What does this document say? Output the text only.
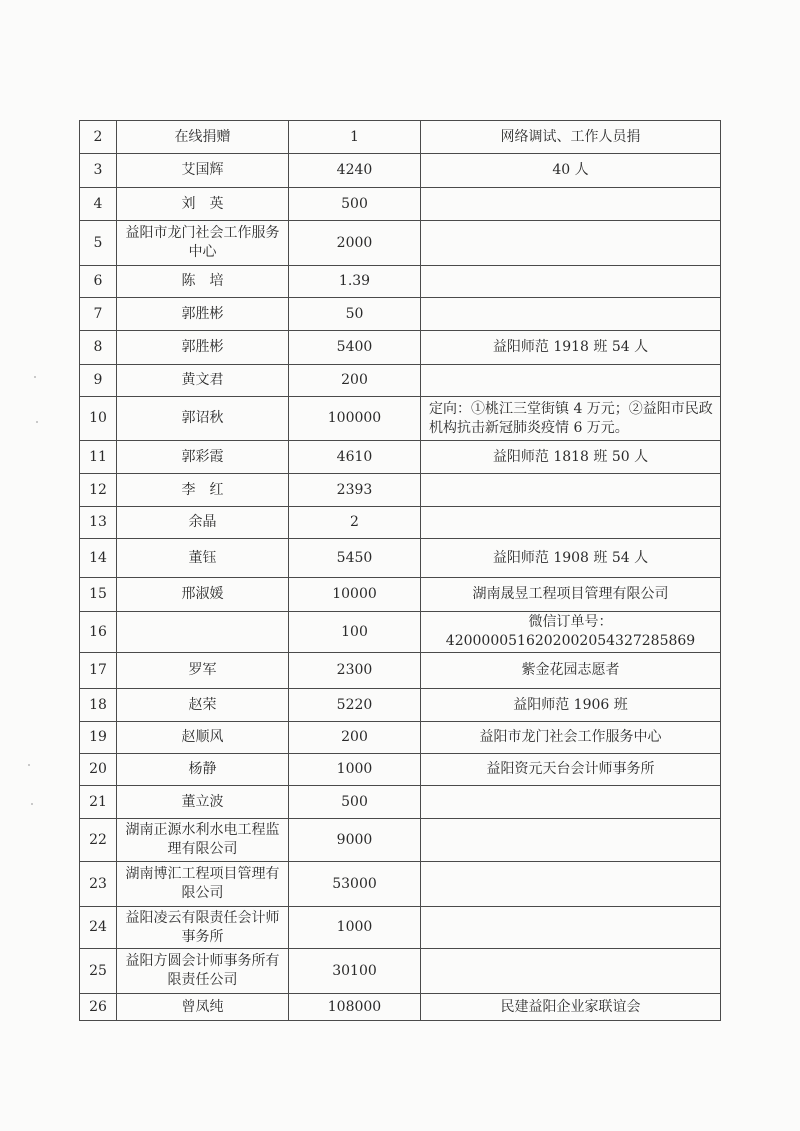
2	在线捐赠	1	网络调试、工作人员捐
3	艾国辉	4240	40 人
4	刘　英	500	
5	益阳市龙门社会工作服务中心	2000	
6	陈　培	1.39	
7	郭胜彬	50	
8	郭胜彬	5400	益阳师范 1918 班 54 人
9	黄文君	200	
10	郭诏秋	100000	定向：①桃江三堂街镇 4 万元；②益阳市民政机构抗击新冠肺炎疫情 6 万元。
11	郭彩霞	4610	益阳师范 1818 班 50 人
12	李　红	2393	
13	余晶	2	
14	董钰	5450	益阳师范 1908 班 54 人
15	邢淑媛	10000	湖南晟昱工程项目管理有限公司
16		100	微信订单号：4200000516202002054327285869
17	罗军	2300	紫金花园志愿者
18	赵荣	5220	益阳师范 1906 班
19	赵顺风	200	益阳市龙门社会工作服务中心
20	杨静	1000	益阳资元天台会计师事务所
21	董立波	500	
22	湖南正源水利水电工程监理有限公司	9000	
23	湖南博汇工程项目管理有限公司	53000	
24	益阳凌云有限责任会计师事务所	1000	
25	益阳方圆会计师事务所有限责任公司	30100	
26	曾凤纯	108000	民建益阳企业家联谊会
